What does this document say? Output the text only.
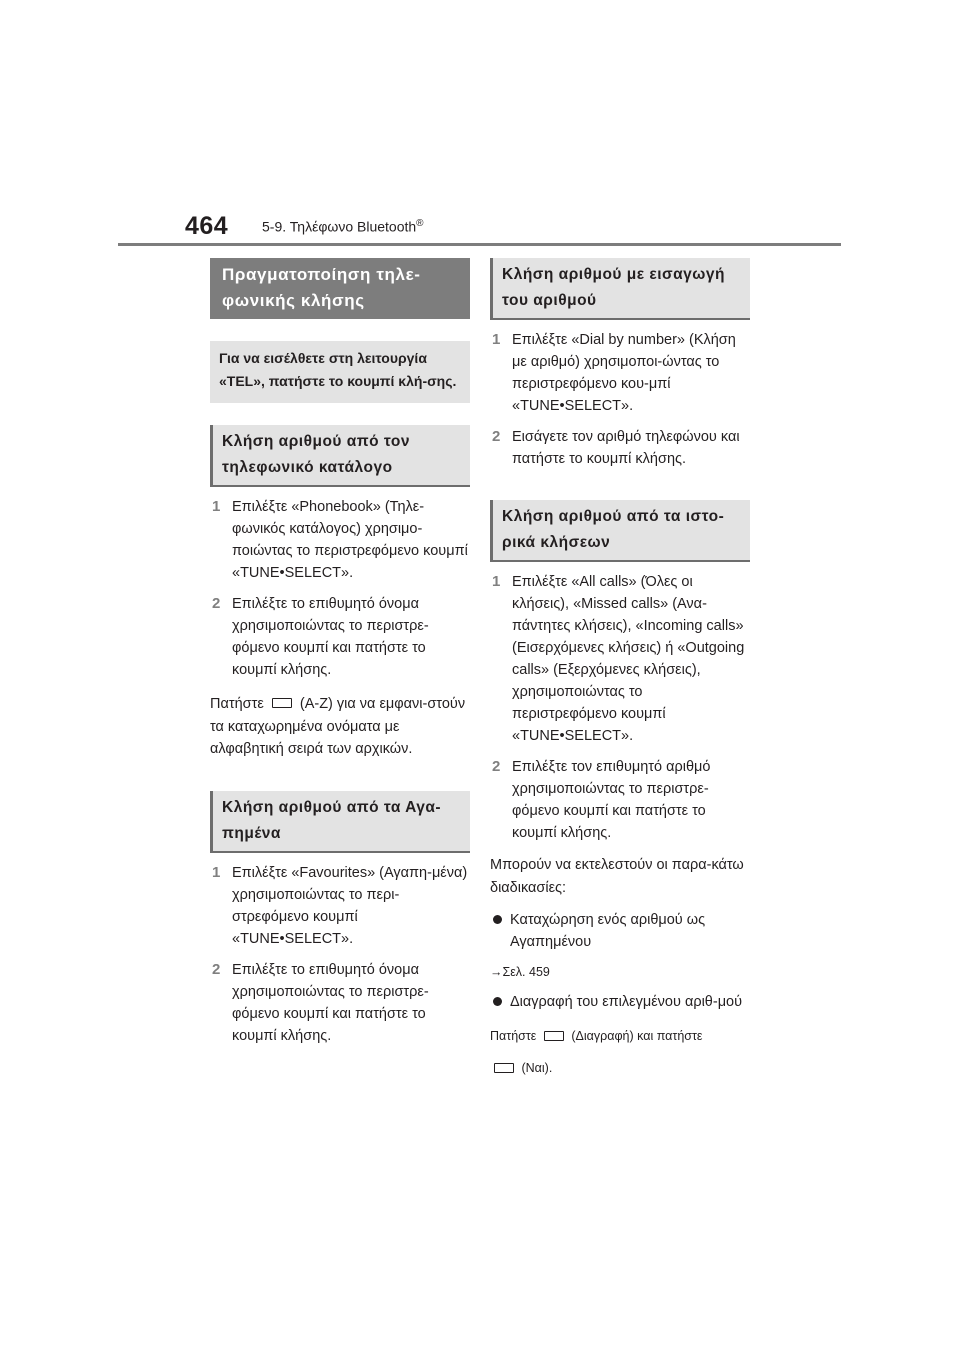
464 5-9. Τηλέφωνο Bluetooth®
Πραγματοποίηση τηλε-
φωνικής κλήσης
Για να εισέλθετε στη λειτουργία «TEL», πατήστε το κουμπί κλή-σης.
Κλήση αριθμού από τον τηλεφωνικό κατάλογο
1 Επιλέξτε «Phonebook» (Τηλε-φωνικός κατάλογος) χρησιμο-ποιώντας το περιστρεφόμενο κουμπί «TUNE•SELECT».
2 Επιλέξτε το επιθυμητό όνομα χρησιμοποιώντας το περιστρε-φόμενο κουμπί και πατήστε το κουμπί κλήσης.
Πατήστε (A-Z) για να εμφανι-στούν τα καταχωρημένα ονόματα με αλφαβητική σειρά των αρχικών.
Κλήση αριθμού από τα Αγα-πημένα
1 Επιλέξτε «Favourites» (Αγαπη-μένα) χρησιμοποιώντας το περι-στρεφόμενο κουμπί «TUNE•SELECT».
2 Επιλέξτε το επιθυμητό όνομα χρησιμοποιώντας το περιστρε-φόμενο κουμπί και πατήστε το κουμπί κλήσης.
Κλήση αριθμού με εισαγωγή του αριθμού
1 Επιλέξτε «Dial by number» (Κλήση με αριθμό) χρησιμοποι-ώντας το περιστρεφόμενο κου-μπί «TUNE•SELECT».
2 Εισάγετε τον αριθμό τηλεφώνου και πατήστε το κουμπί κλήσης.
Κλήση αριθμού από τα ιστο-ρικά κλήσεων
1 Επιλέξτε «All calls» (Όλες οι κλήσεις), «Missed calls» (Ανα-πάντητες κλήσεις), «Incoming calls» (Εισερχόμενες κλήσεις) ή «Outgoing calls» (Εξερχόμενες κλήσεις), χρησιμοποιώντας το περιστρεφόμενο κουμπί «TUNE•SELECT».
2 Επιλέξτε τον επιθυμητό αριθμό χρησιμοποιώντας το περιστρε-φόμενο κουμπί και πατήστε το κουμπί κλήσης.
Μπορούν να εκτελεστούν οι παρα-κάτω διαδικασίες:
Καταχώρηση ενός αριθμού ως Αγαπημένου
→Σελ. 459
Διαγραφή του επιλεγμένου αριθ-μού
Πατήστε	(Διαγραφή) και πατήστε
(Ναι).
